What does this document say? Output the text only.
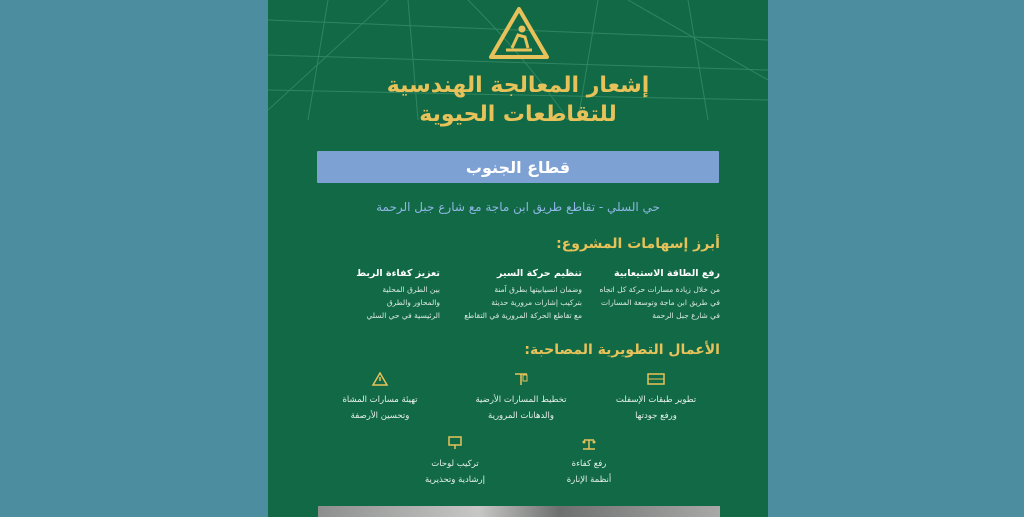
إشعار المعالجة الهندسية
للتقاطعات الحيوية
قطاع الجنوب
حي السلي - تقاطع طريق ابن ماجة مع شارع جبل الرحمة
أبرز إسهامات المشروع:
رفع الطاقة الاستيعابية
من خلال زيادة مسارات حركة كل اتجاه
في طريق ابن ماجة وتوسعة المسارات
في شارع جبل الرحمة
تنظيم حركة السير
وضمان انسيابيتها بطرق آمنة
بتركيب إشارات مرورية حديثة
مع تقاطع الحركة المرورية في التقاطع
تعزيز كفاءة الربط
بين الطرق المحلية
والمحاور والطرق
الرئيسية في حي السلي
الأعمال التطويرية المصاحبة:
تطوير طبقات الإسفلت
ورفع جودتها
تخطيط المسارات الأرضية
والدهانات المرورية
تهيئة مسارات المشاة
وتحسين الأرصفة
رفع كفاءة
أنظمة الإنارة
تركيب لوحات
إرشادية وتحذيرية
